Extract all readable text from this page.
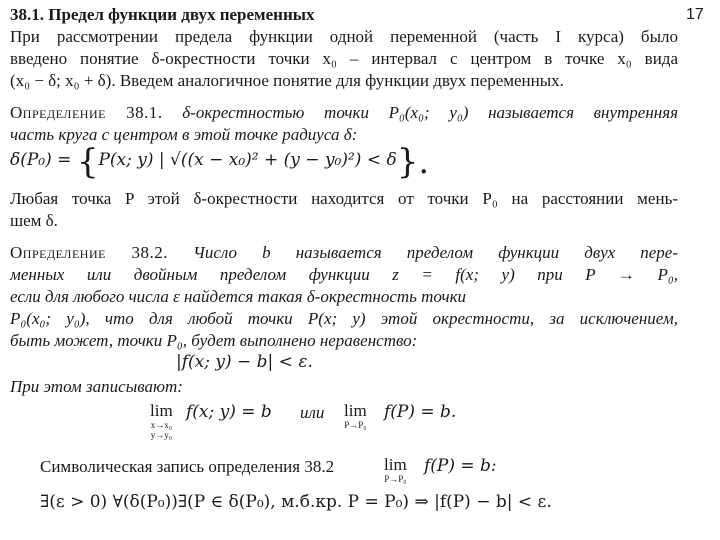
17
38.1. Предел функции двух переменных
При рассмотрении предела функции одной переменной (часть I курса) было
введено понятие δ-окрестности точки x₀ – интервал с центром в точке x₀ вида
(x₀ − δ; x₀ + δ). Введем аналогичное понятие для функции двух переменных.
Определение 38.1. δ-окрестностью точки P₀(x₀; y₀) называется внутренняя
часть круга с центром в этой точке радиуса δ:
δ(P₀) = {P(x; y) | √((x − x₀)² + (y − y₀)²) < δ}.
Любая точка P этой δ-окрестности находится от точки P₀ на расстоянии мень-
шем δ.
Определение 38.2. Число b называется пределом функции двух пере-
менных или двойным пределом функции z = f(x; y) при P → P₀,
если для любого числа ε найдется такая δ-окрестность точки
P₀(x₀; y₀), что для любой точки P(x; y) этой окрестности, за исключением,
быть может, точки P₀, будет выполнено неравенство:
|f(x; y) − b| < ε.
При этом записывают:
lim
x→x₀
y→y₀
f(x; y) = b или lim
P→P₀
f(P) = b.
Символическая запись определения 38.2	lim
P→P₀
f(P) = b:
∃(ε > 0) ∀(δ(P₀))∃(P ∈ δ(P₀), м.б.кр. P = P₀) ⇒ |f(P) − b| < ε.
